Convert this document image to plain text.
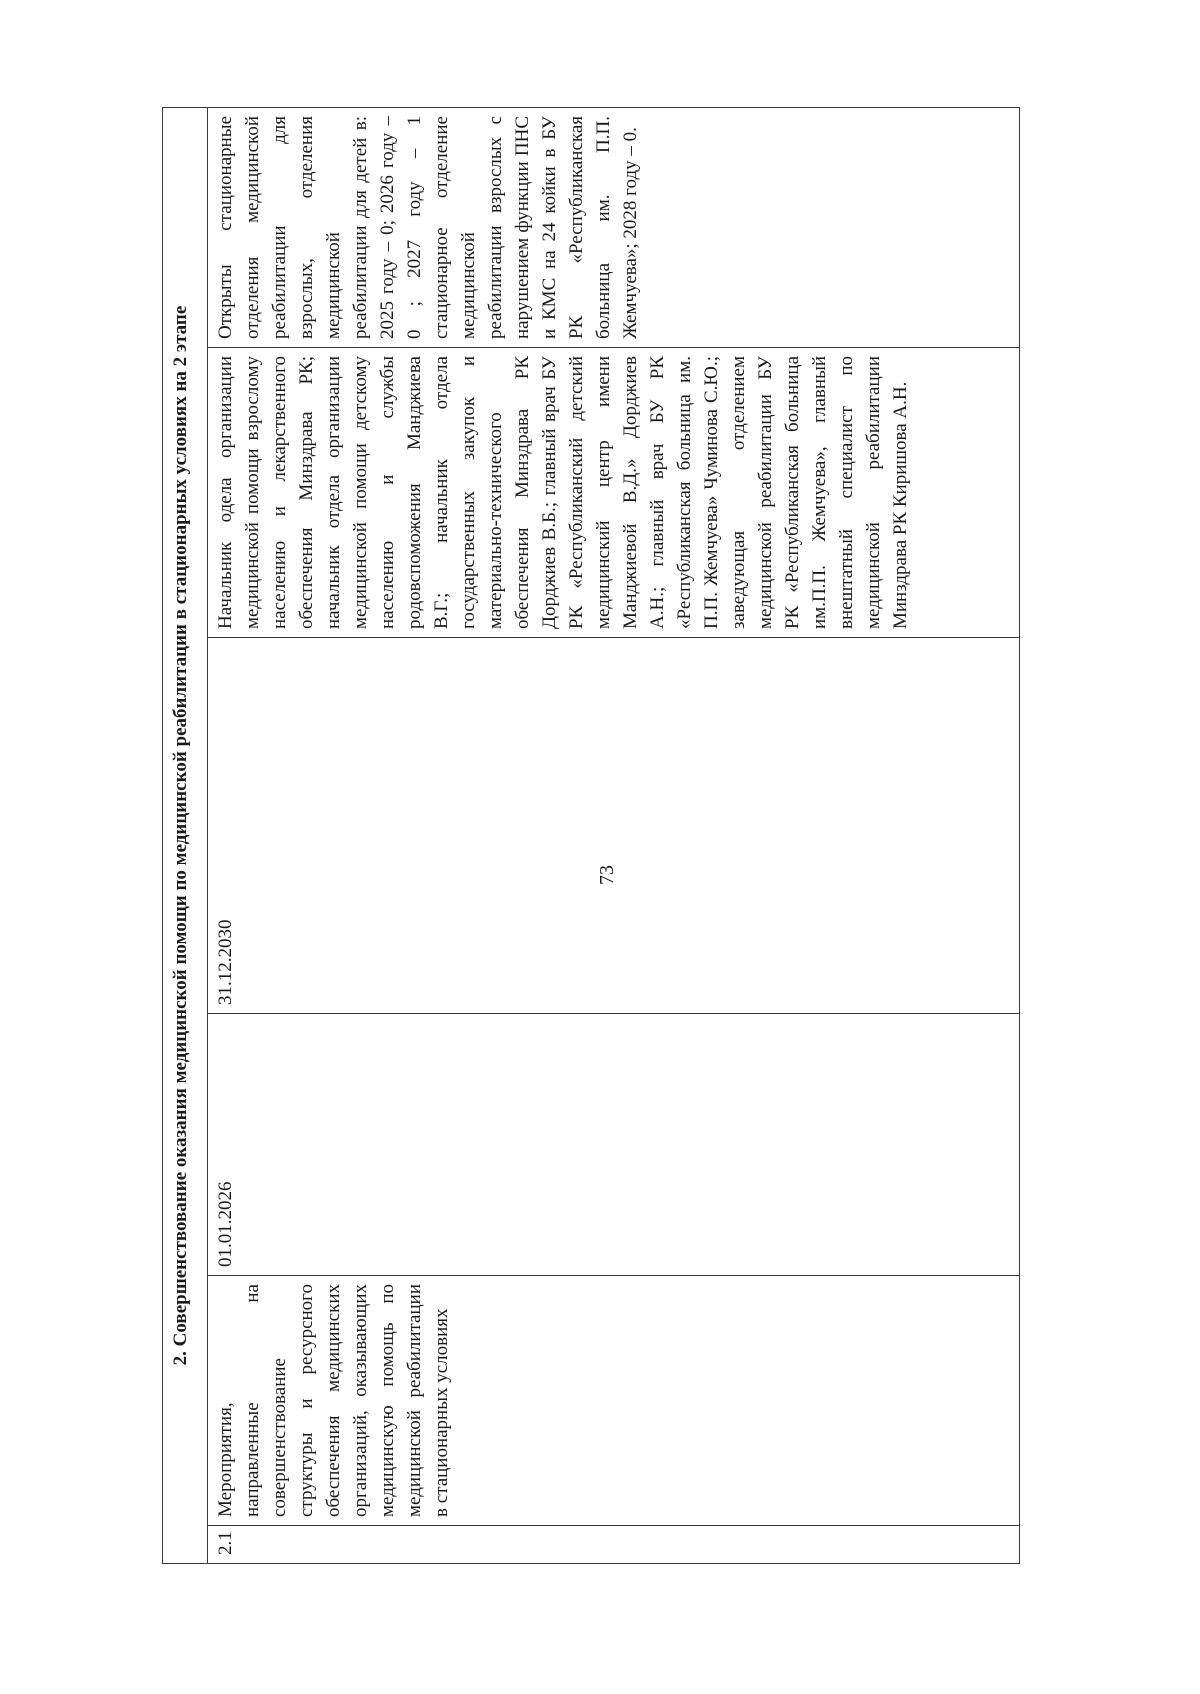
2. Совершенствование оказания медицинской помощи по медицинской реабилитации в стационарных условиях на 2 этапе
2.1	Мероприятия, направленные на совершенствование структуры и ресурсного обеспечения медицинских организаций, оказывающих медицинскую помощь по медицинской реабилитации в стационарных условиях	01.01.2026	31.12.2030	Начальник одела организации медицинской помощи взрослому населению и лекарственного обеспечения Минздрава РК; начальник отдела организации медицинской помощи детскому населению и службы родовспоможения Манджиева В.Г.; начальник отдела государственных закупок и материально-технического обеспечения Минздрава РК Дорджиев В.Б.; главный врач БУ РК «Республиканский детский медицинский центр имени Манджиевой В.Д.» Дорджиев А.Н.; главный врач БУ РК «Республиканская больница им. П.П. Жемчуева» Чуминова С.Ю.; заведующая отделением медицинской реабилитации БУ РК «Республиканская больница им.П.П. Жемчуева», главный внештатный специалист по медицинской реабилитации Минздрава РК Киришова А.Н.	Открыты стационарные отделения медицинской реабилитации для взрослых, отделения медицинской реабилитации для детей в: 2025 году – 0; 2026 году – 0 ; 2027 году – 1 стационарное отделение медицинской реабилитации взрослых с нарушением функции ПНС и КМС на 24 койки в БУ РК «Республиканская больница им. П.П. Жемчуева»; 2028 году – 0.
73
